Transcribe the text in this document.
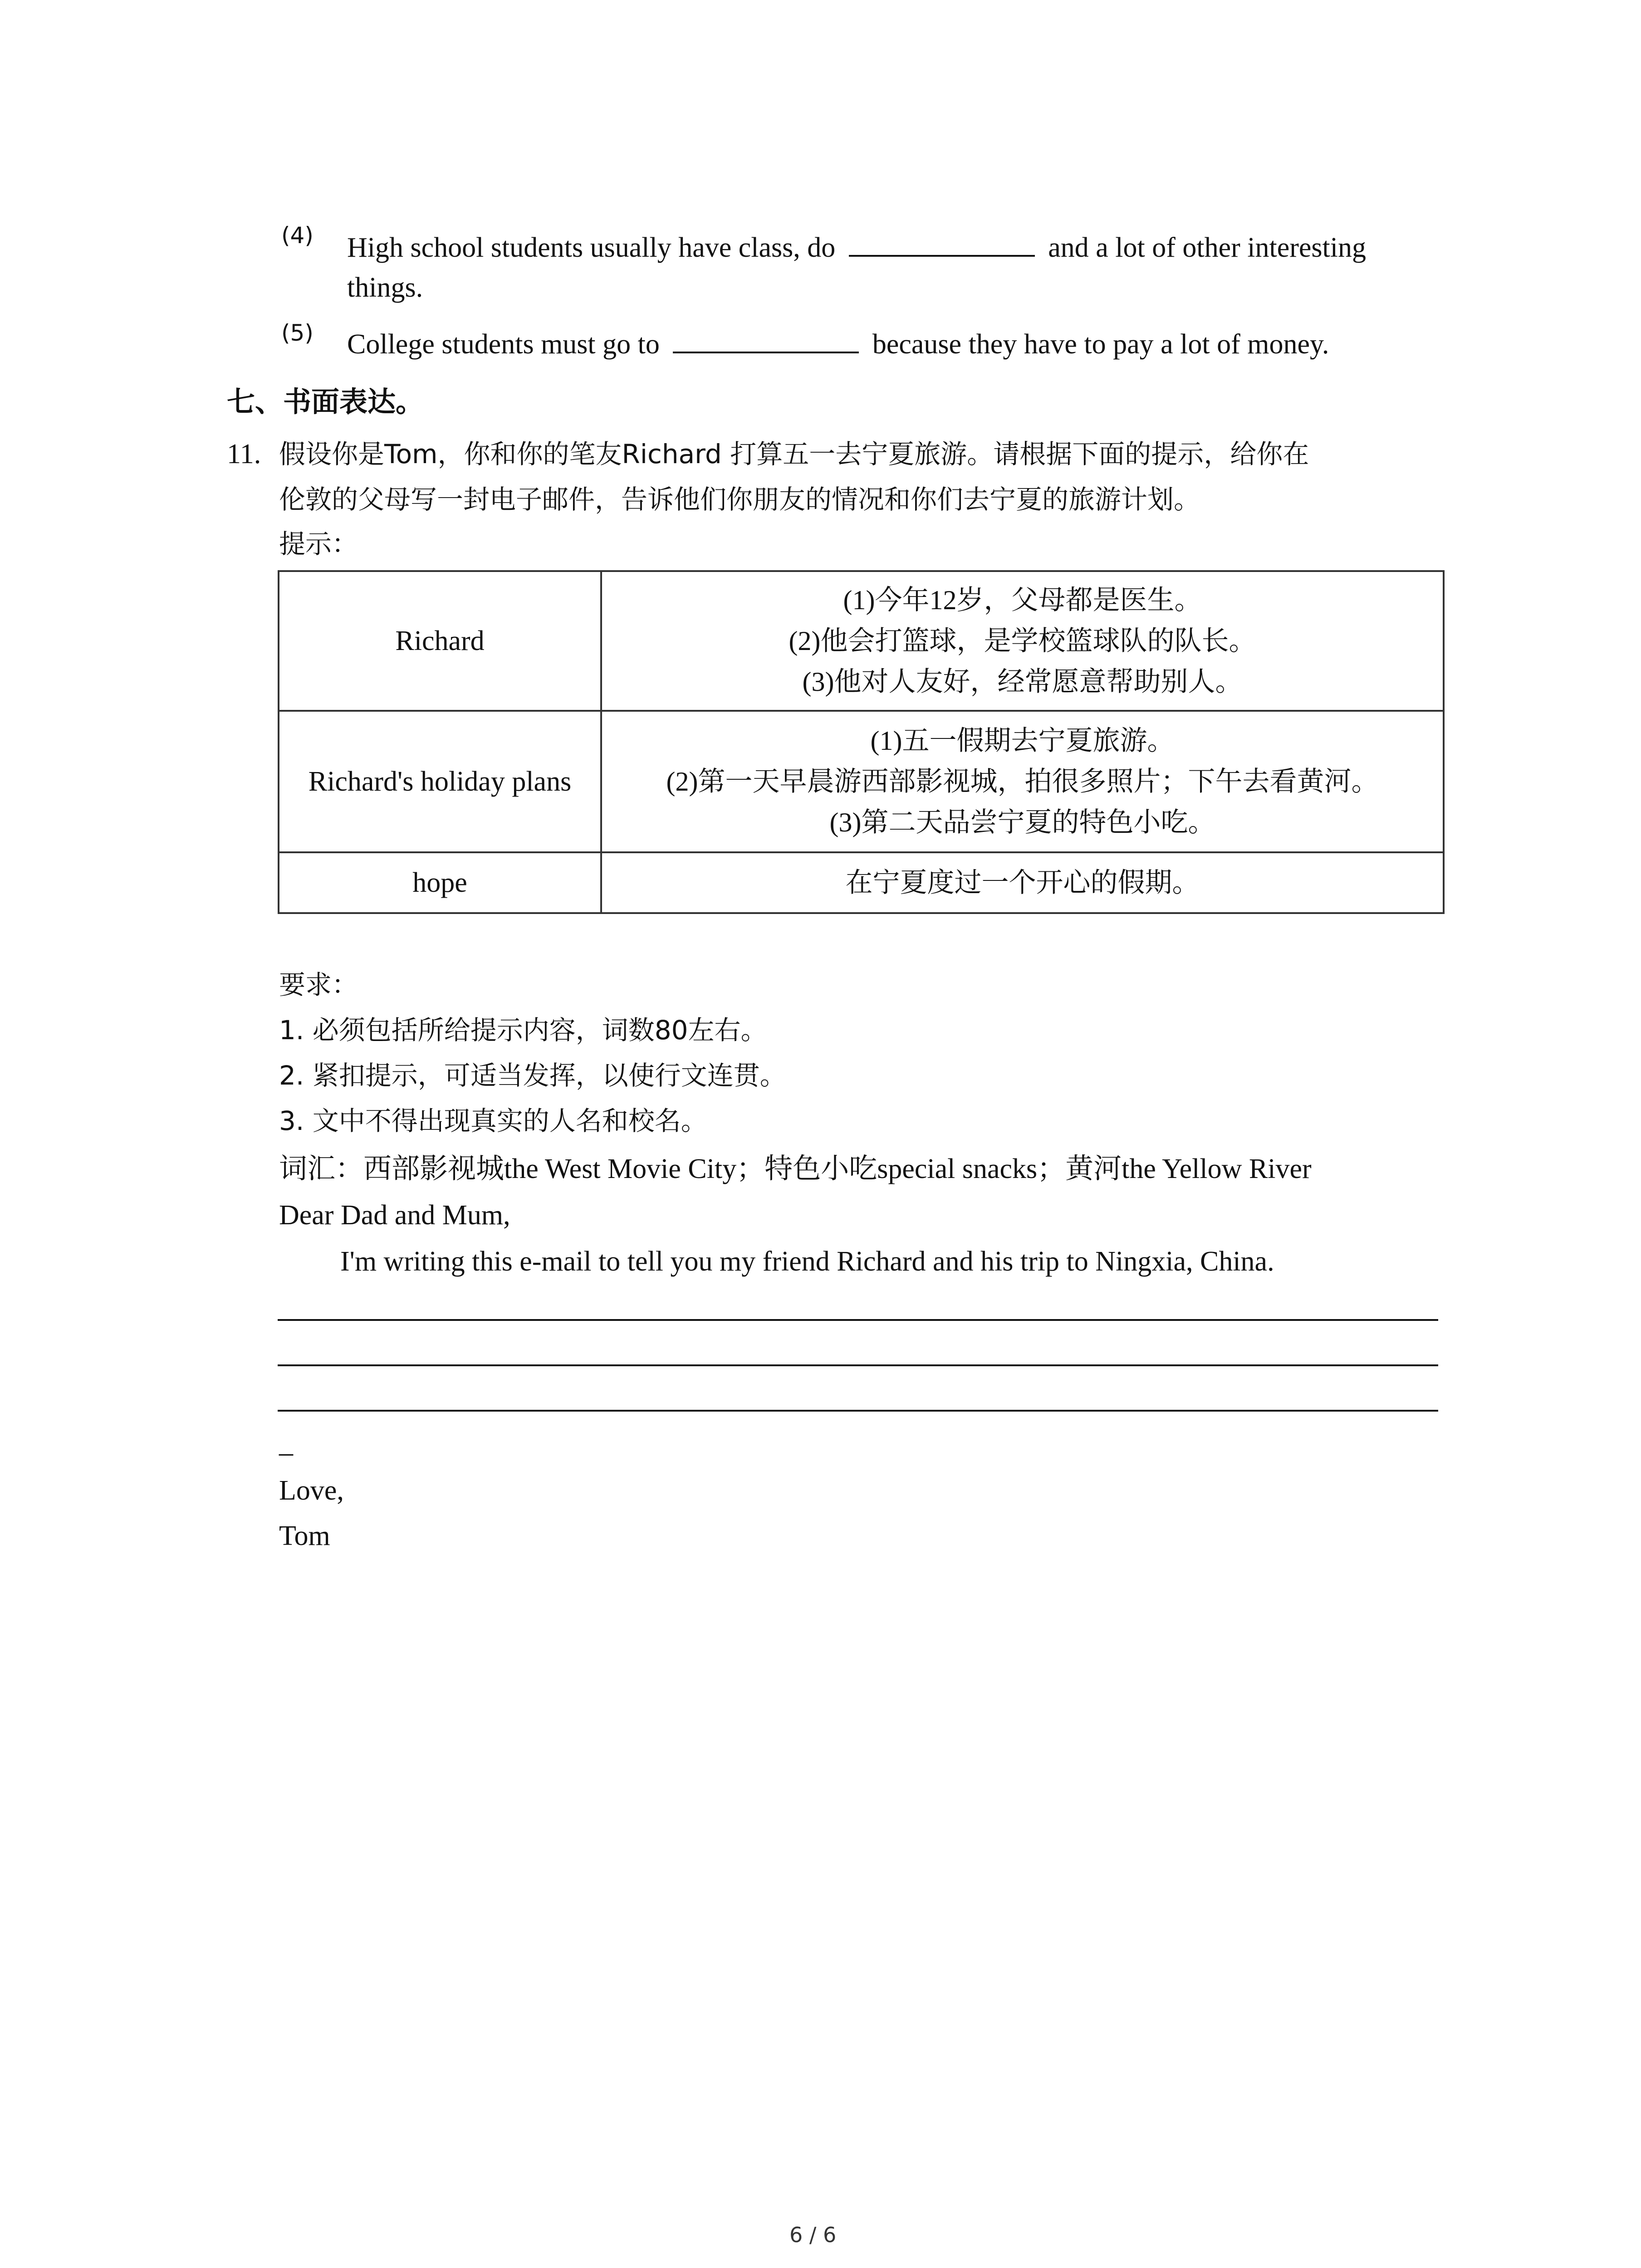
(4) High school students usually have class, do	and a lot of other interesting
things.
(5) College students must go to	because they have to pay a lot of money.
七、书面表达。
11. 假设你是Tom，你和你的笔友Richard 打算五一去宁夏旅游。请根据下面的提示，给你在
伦敦的父母写一封电子邮件，告诉他们你朋友的情况和你们去宁夏的旅游计划。
提示：
Richard	(1)今年12岁，父母都是医生。
(2)他会打篮球，是学校篮球队的队长。
(3)他对人友好，经常愿意帮助别人。

Richard's holiday plans	(1)五一假期去宁夏旅游。
(2)第一天早晨游西部影视城，拍很多照片；下午去看黄河。
(3)第二天品尝宁夏的特色小吃。

hope	在宁夏度过一个开心的假期。
要求：
1. 必须包括所给提示内容，词数80左右。
2. 紧扣提示，可适当发挥，以使行文连贯。
3. 文中不得出现真实的人名和校名。
词汇：西部影视城the West Movie City；特色小吃special snacks；黄河the Yellow River
Dear Dad and Mum,
I'm writing this e-mail to tell you my friend Richard and his trip to Ningxia, China.
_
Love,
Tom
6 / 6
